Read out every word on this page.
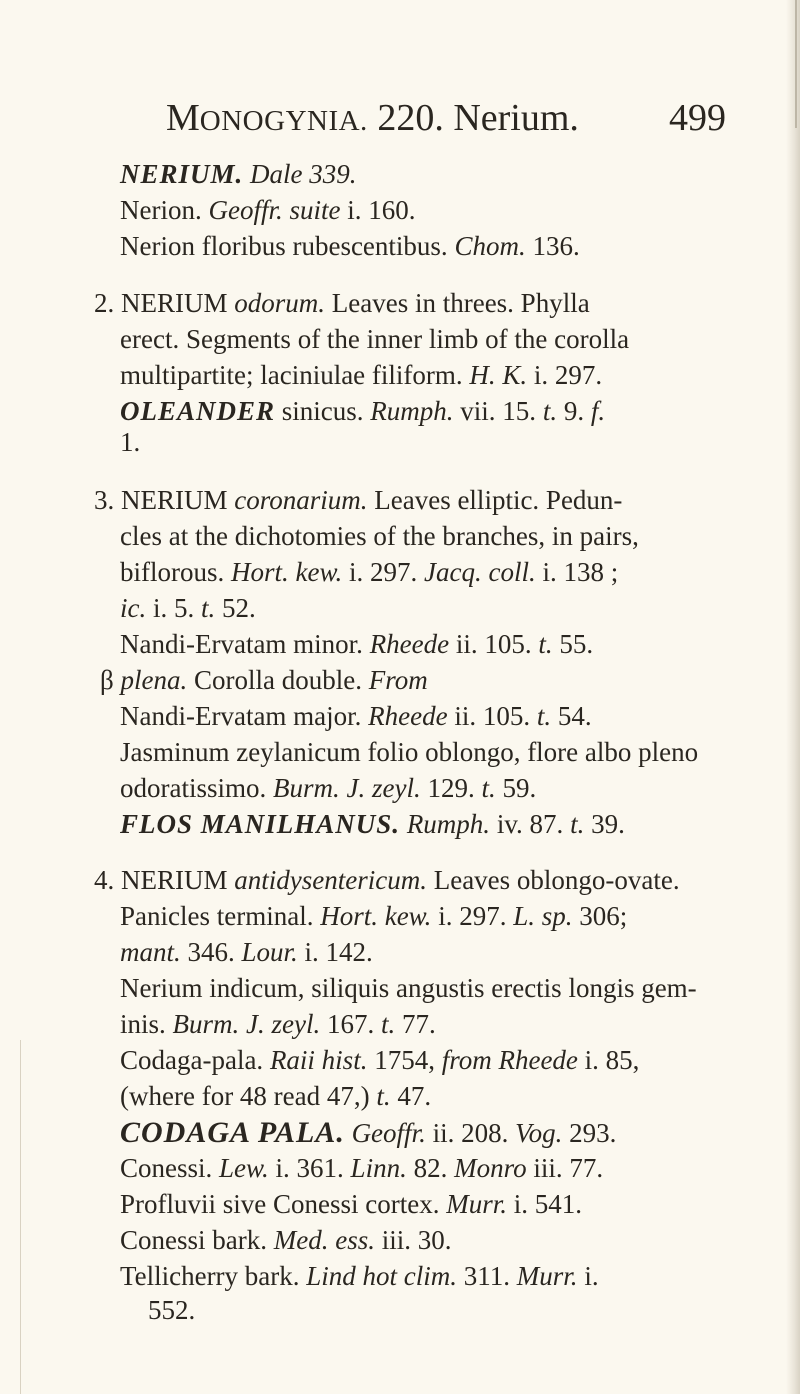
MONOGYNIA. 220. Nerium. 499
NERIUM. Dale 339.
Nerion. Geoffr. suite i. 160.
Nerion floribus rubescentibus. Chom. 136.
2. NERIUM odorum. Leaves in threes. Phylla
erect. Segments of the inner limb of the corolla
multipartite; laciniulae filiform. H. K. i. 297.
OLEANDER sinicus. Rumph. vii. 15. t. 9. f.
1.
3. NERIUM coronarium. Leaves elliptic. Pedun-
cles at the dichotomies of the branches, in pairs,
biflorous. Hort. kew. i. 297. Jacq. coll. i. 138 ;
ic. i. 5. t. 52.
Nandi-Ervatam minor. Rheede ii. 105. t. 55.
β plena. Corolla double. From
Nandi-Ervatam major. Rheede ii. 105. t. 54.
Jasminum zeylanicum folio oblongo, flore albo pleno
odoratissimo. Burm. J. zeyl. 129. t. 59.
FLOS MANILHANUS. Rumph. iv. 87. t. 39.
4. NERIUM antidysentericum. Leaves oblongo-ovate.
Panicles terminal. Hort. kew. i. 297. L. sp. 306;
mant. 346. Lour. i. 142.
Nerium indicum, siliquis angustis erectis longis gem-
inis. Burm. J. zeyl. 167. t. 77.
Codaga-pala. Raii hist. 1754, from Rheede i. 85,
(where for 48 read 47,) t. 47.
CODAGA PALA. Geoffr. ii. 208. Vog. 293.
Conessi. Lew. i. 361. Linn. 82. Monro iii. 77.
Profluvii sive Conessi cortex. Murr. i. 541.
Conessi bark. Med. ess. iii. 30.
Tellicherry bark. Lind hot clim. 311. Murr. i.
552.
